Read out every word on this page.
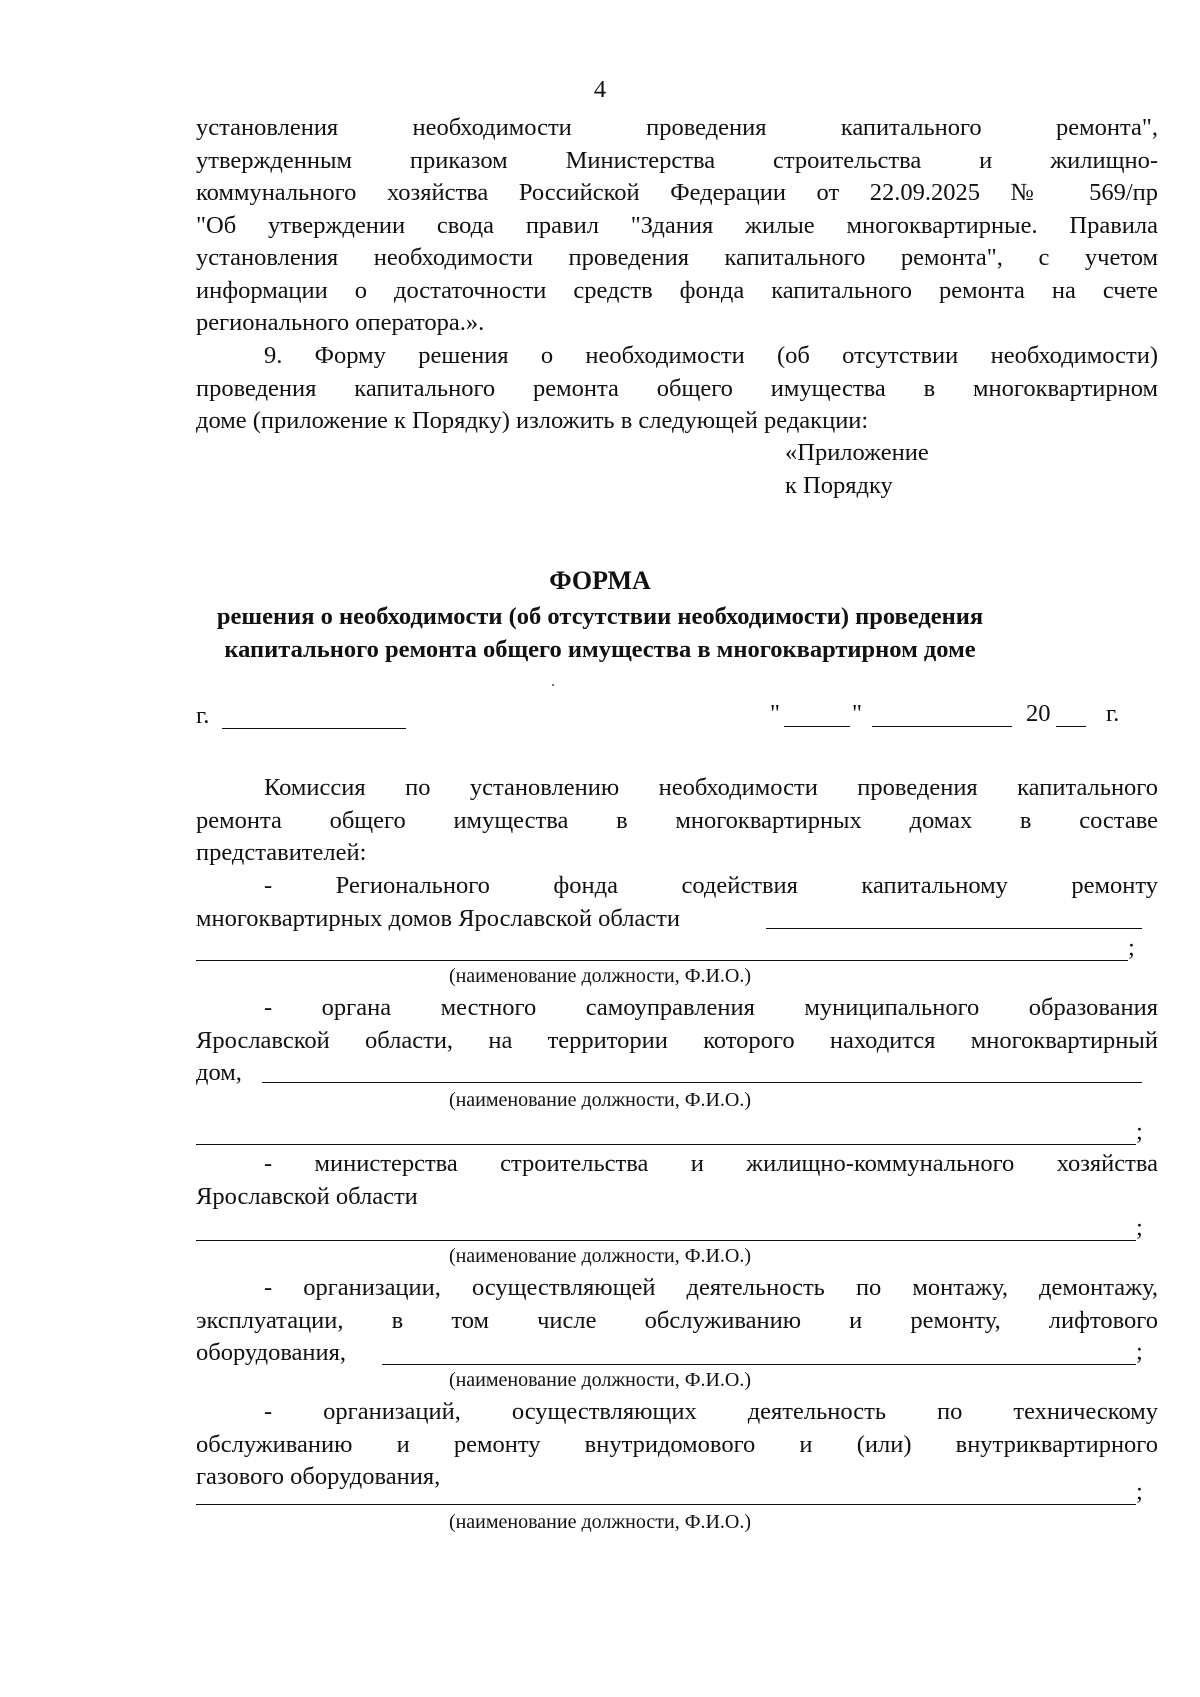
4
установления необходимости проведения капитального ремонта",
утвержденным приказом Министерства строительства и жилищно-
коммунального хозяйства Российской Федерации от 22.09.2025 № 569/пр
"Об утверждении свода правил "Здания жилые многоквартирные. Правила
установления необходимости проведения капитального ремонта", с учетом
информации о достаточности средств фонда капитального ремонта на счете
регионального оператора.».
9. Форму решения о необходимости (об отсутствии необходимости)
проведения капитального ремонта общего имущества в многоквартирном
доме (приложение к Порядку) изложить в следующей редакции:
«Приложение
к Порядку
ФОРМА
решения о необходимости (об отсутствии необходимости) проведения
капитального ремонта общего имущества в многоквартирном доме
г.	"	"	20 г.
Комиссия по установлению необходимости проведения капитального
ремонта общего имущества в многоквартирных домах в составе
представителей:
- Регионального фонда содействия капитальному ремонту
многоквартирных домов Ярославской области
;
(наименование должности, Ф.И.О.)
- органа местного самоуправления муниципального образования
Ярославской области, на территории которого находится многоквартирный
дом,
(наименование должности, Ф.И.О.)
;
- министерства строительства и жилищно-коммунального хозяйства
Ярославской области
;
(наименование должности, Ф.И.О.)
- организации, осуществляющей деятельность по монтажу, демонтажу,
эксплуатации, в том числе обслуживанию и ремонту, лифтового
оборудования,	;
(наименование должности, Ф.И.О.)
- организаций, осуществляющих деятельность по техническому
обслуживанию и ремонту внутридомового и (или) внутриквартирного
газового оборудования,
;
(наименование должности, Ф.И.О.)
